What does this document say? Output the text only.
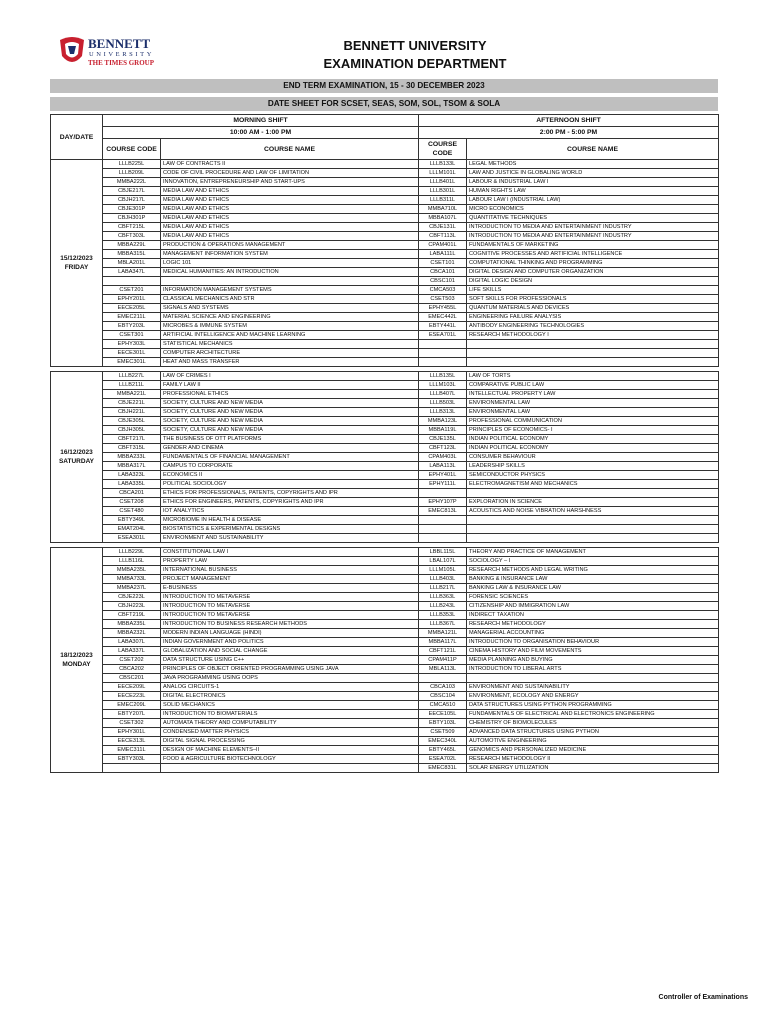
BENNETT
UNIVERSITY
THE TIMES GROUP
BENNETT UNIVERSITY
EXAMINATION DEPARTMENT
END TERM EXAMINATION, 15 - 30 DECEMBER 2023
DATE SHEET FOR SCSET, SEAS, SOM, SOL, TSOM & SOLA
DAY/DATE	MORNING SHIFT		AFTERNOON SHIFT	
	10:00 AM - 1:00 PM		2:00 PM - 5:00 PM	
	COURSE CODE	COURSE NAME	COURSE CODE	COURSE NAME

15/12/2023
FRIDAY	LLLB225L	LAW OF CONTRACTS II	LLLB133L	LEGAL METHODS
	LLLB209L	CODE OF CIVIL PROCEDURE AND LAW OF LIMITATION	LLLM101L	LAW AND JUSTICE IN GLOBALING WORLD
	MMBA222L	INNOVATION, ENTREPRENEURSHIP AND START-UPS	LLLB401L	LABOUR & INDUSTRIAL LAW I
	CBJE217L	MEDIA LAW AND ETHICS	LLLB301L	HUMAN RIGHTS LAW
	CBJH217L	MEDIA LAW AND ETHICS	LLLB311L	LABOUR LAW I (INDUSTRIAL LAW)
	CBJE301P	MEDIA LAW AND ETHICS	MMBA710L	MICRO ECONOMICS
	CBJH301P	MEDIA LAW AND ETHICS	MBBA107L	QUANTITATIVE TECHNIQUES
	CBFT215L	MEDIA LAW AND ETHICS	CBJE131L	INTRODUCTION TO MEDIA AND ENTERTAINMENT INDUSTRY
	CBFT303L	MEDIA LAW AND ETHICS	CBFT113L	INTRODUCTION TO MEDIA AND ENTERTAINMENT INDUSTRY
	MBBA229L	PRODUCTION & OPERATIONS MANAGEMENT	CPAM401L	FUNDAMENTALS OF MARKETING
	MBBA315L	MANAGEMENT INFORMATION SYSTEM	LABA111L	COGNITIVE PROCESSES AND ARTIFICIAL INTELLIGENCE
	MBLA201L	LOGIC 101	CSET101	COMPUTATIONAL THINKING AND PROGRAMMING
	LABA347L	MEDICAL HUMANITIES: AN INTRODUCTION	CBCA101	DIGITAL DESIGN AND COMPUTER ORGANIZATION
			CBSC101	DIGITAL LOGIC DESIGN
	CSET201	INFORMATION MANAGEMENT SYSTEMS	CMCA503	LIFE SKILLS
	EPHY201L	CLASSICAL MECHANICS AND STR	CSET503	SOFT SKILLS FOR PROFESSIONALS
	EECE205L	SIGNALS AND SYSTEMS	EPHY455L	QUANTUM MATERIALS AND DEVICES
	EMEC211L	MATERIAL SCIENCE AND ENGINEERING	EMEC442L	ENGINEERING FAILURE ANALYSIS
	EBTY203L	MICROBES & IMMUNE SYSTEM	EBTY441L	ANTIBODY ENGINEERING TECHNOLOGIES
	CSET301	ARTIFICIAL INTELLIGENCE AND MACHINE LEARNING	ESEA701L	RESEARCH METHODOLOGY I
	EPHY303L	STATISTICAL MECHANICS		
	EECE301L	COMPUTER ARCHITECTURE		
	EMEC301L	HEAT AND MASS TRANSFER		

16/12/2023
SATURDAY	LLLB227L	LAW OF CRIMES I	LLLB135L	LAW OF TORTS
	LLLB211L	FAMILY LAW II	LLLM103L	COMPARATIVE PUBLIC LAW
	MMBA221L	PROFESSIONAL ETHICS	LLLB407L	INTELLECTUAL PROPERTY LAW
	CBJE221L	SOCIETY, CULTURE AND NEW MEDIA	LLLB503L	ENVIRONMENTAL LAW
	CBJH221L	SOCIETY, CULTURE AND NEW MEDIA	LLLB313L	ENVIRONMENTAL LAW
	CBJE305L	SOCIETY, CULTURE AND NEW MEDIA	MMBA123L	PROFESSIONAL COMMUNICATION
	CBJH305L	SOCIETY, CULTURE AND NEW MEDIA	MBBA119L	PRINCIPLES OF ECONOMICS- I
	CBFT217L	THE BUSINESS OF OTT PLATFORMS	CBJE135L	INDIAN POLITICAL ECONOMY
	CBFT315L	GENDER AND CINEMA	CBFT123L	INDIAN POLITICAL ECONOMY
	MBBA233L	FUNDAMENTALS OF FINANCIAL MANAGEMENT	CPAM403L	CONSUMER BEHAVIOUR
	MBBA317L	CAMPUS TO CORPORATE	LABA113L	LEADERSHIP SKILLS
	LABA323L	ECONOMICS II	EPHY401L	SEMICONDUCTOR PHYSICS
	LABA335L	POLITICAL SOCIOLOGY	EPHY111L	ELECTROMAGNETISM AND MECHANICS
	CBCA201	ETHICS FOR PROFESSIONALS, PATENTS, COPYRIGHTS AND IPR		
	CSET208	ETHICS FOR ENGINEERS, PATENTS, COPYRIGHTS AND IPR	EPHY107P	EXPLORATION IN SCIENCE
	CSET480	IOT ANALYTICS	EMEC813L	ACOUSTICS AND NOISE VIBRATION HARSHNESS
	EBTY349L	MICROBIOME IN HEALTH & DISEASE		
	EMAT204L	BIOSTATISTICS & EXPERIMENTAL DESIGNS		
	ESEA301L	ENVIRONMENT AND SUSTAINABILITY		

18/12/2023
MONDAY	LLLB229L	CONSTITUTIONAL LAW I	LBBL115L	THEORY AND PRACTICE OF MANAGEMENT
	LLLB116L	PROPERTY LAW	LBAL107L	SOCIOLOGY – I
	MMBA235L	INTERNATIONAL BUSINESS	LLLM105L	RESEARCH METHODS AND LEGAL WRITING
	MMBA733L	PROJECT MANAGEMENT	LLLB403L	BANKING & INSURANCE LAW
	MMBA237L	E-BUSINESS	LLLB217L	BANKING LAW & INSURANCE LAW
	CBJE223L	INTRODUCTION TO METAVERSE	LLLB363L	FORENSIC SCIENCES
	CBJH223L	INTRODUCTION TO METAVERSE	LLLB243L	CITIZENSHIP AND IMMIGRATION LAW
	CBFT219L	INTRODUCTION TO METAVERSE	LLLB353L	INDIRECT TAXATION
	MBBA235L	INTRODUCTION TO BUSINESS RESEARCH METHODS	LLLB367L	RESEARCH METHODOLOGY
	MBBA232L	MODERN INDIAN LANGUAGE (HINDI)	MMBA121L	MANAGERIAL ACCOUNTING
	LABA307L	INDIAN GOVERNMENT AND POLITICS	MBBA117L	INTRODUCTION TO ORGANISATION BEHAVIOUR
	LABA337L	GLOBALIZATION AND SOCIAL CHANGE	CBFT121L	CINEMA HISTORY AND FILM MOVEMENTS
	CSET202	DATA STRUCTURE USING C++	CPAM411P	MEDIA PLANNING AND BUYING
	CBCA202	PRINCIPLES OF OBJECT ORIENTED PROGRAMMING USING JAVA	MBLA113L	INTRODUCTION TO LIBERAL ARTS
	CBSC201	JAVA PROGRAMMING USING OOPS		
	EECE209L	ANALOG CIRCUITS-1	CBCA103	ENVIRONMENT AND SUSTAINABILITY
	EECE223L	DIGITAL ELECTRONICS	CBSC104	ENVIRONMENT, ECOLOGY AND ENERGY
	EMEC209L	SOLID MECHANICS	CMCA510	DATA STRUCTURES USING PYTHON PROGRAMMING
	EBTY207L	INTRODUCTION TO BIOMATERIALS	EECE105L	FUNDAMENTALS OF ELECTRICAL AND ELECTRONICS ENGINEERING
	CSET302	AUTOMATA THEORY AND COMPUTABILITY	EBTY103L	CHEMISTRY OF BIOMOLECULES
	EPHY301L	CONDENSED MATTER PHYSICS	CSET509	ADVANCED DATA STRUCTURES USING PYTHON
	EECE313L	DIGITAL SIGNAL PROCESSING	EMEC340L	AUTOMOTIVE ENGINEERING
	EMEC311L	DESIGN OF MACHINE ELEMENTS–II	EBTY465L	GENOMICS AND PERSONALIZED MEDICINE
	EBTY303L	FOOD & AGRICULTURE BIOTECHNOLOGY	ESEA702L	RESEARCH METHODOLOGY II
			EMEC831L	SOLAR ENERGY UTILIZATION
Controller of Examinations
